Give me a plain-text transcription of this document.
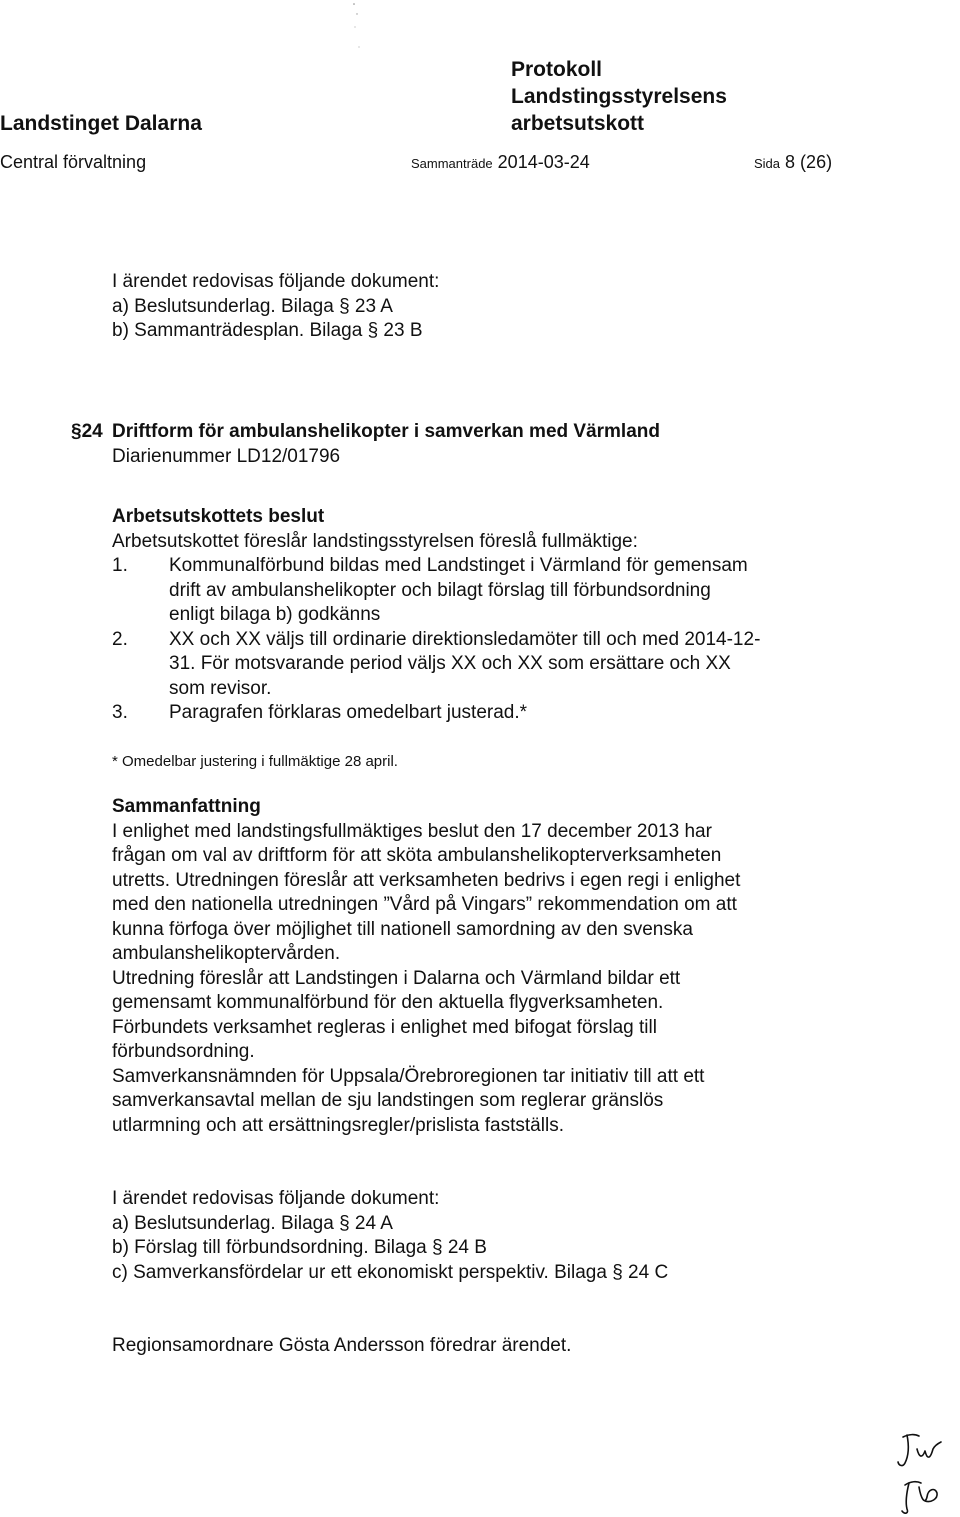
Landstinget Dalarna
Protokoll
Landstingsstyrelsens
arbetsutskott
Central förvaltning	Sammanträde 2014-03-24	Sida 8 (26)
I ärendet redovisas följande dokument:
a) Beslutsunderlag. Bilaga § 23 A
b) Sammanträdesplan. Bilaga § 23 B
§24 Driftform för ambulanshelikopter i samverkan med Värmland
Diarienummer LD12/01796
Arbetsutskottets beslut
Arbetsutskottet föreslår landstingsstyrelsen föreslå fullmäktige:
1. Kommunalförbund bildas med Landstinget i Värmland för gemensam
drift av ambulanshelikopter och bilagt förslag till förbundsordning
enligt bilaga b) godkänns
2. XX och XX väljs till ordinarie direktionsledamöter till och med 2014-12-
31. För motsvarande period väljs XX och XX som ersättare och XX
som revisor.
3. Paragrafen förklaras omedelbart justerad.*
* Omedelbar justering i fullmäktige 28 april.
Sammanfattning
I enlighet med landstingsfullmäktiges beslut den 17 december 2013 har
frågan om val av driftform för att sköta ambulanshelikopterverksamheten
utretts. Utredningen föreslår att verksamheten bedrivs i egen regi i enlighet
med den nationella utredningen ”Vård på Vingars” rekommendation om att
kunna förfoga över möjlighet till nationell samordning av den svenska
ambulanshelikoptervården.
Utredning föreslår att Landstingen i Dalarna och Värmland bildar ett
gemensamt kommunalförbund för den aktuella flygverksamheten.
Förbundets verksamhet regleras i enlighet med bifogat förslag till
förbundsordning.
Samverkansnämnden för Uppsala/Örebroregionen tar initiativ till att ett
samverkansavtal mellan de sju landstingen som reglerar gränslös
utlarmning och att ersättningsregler/prislista fastställs.
I ärendet redovisas följande dokument:
a) Beslutsunderlag. Bilaga § 24 A
b) Förslag till förbundsordning. Bilaga § 24 B
c) Samverkansfördelar ur ett ekonomiskt perspektiv. Bilaga § 24 C
Regionsamordnare Gösta Andersson föredrar ärendet.
